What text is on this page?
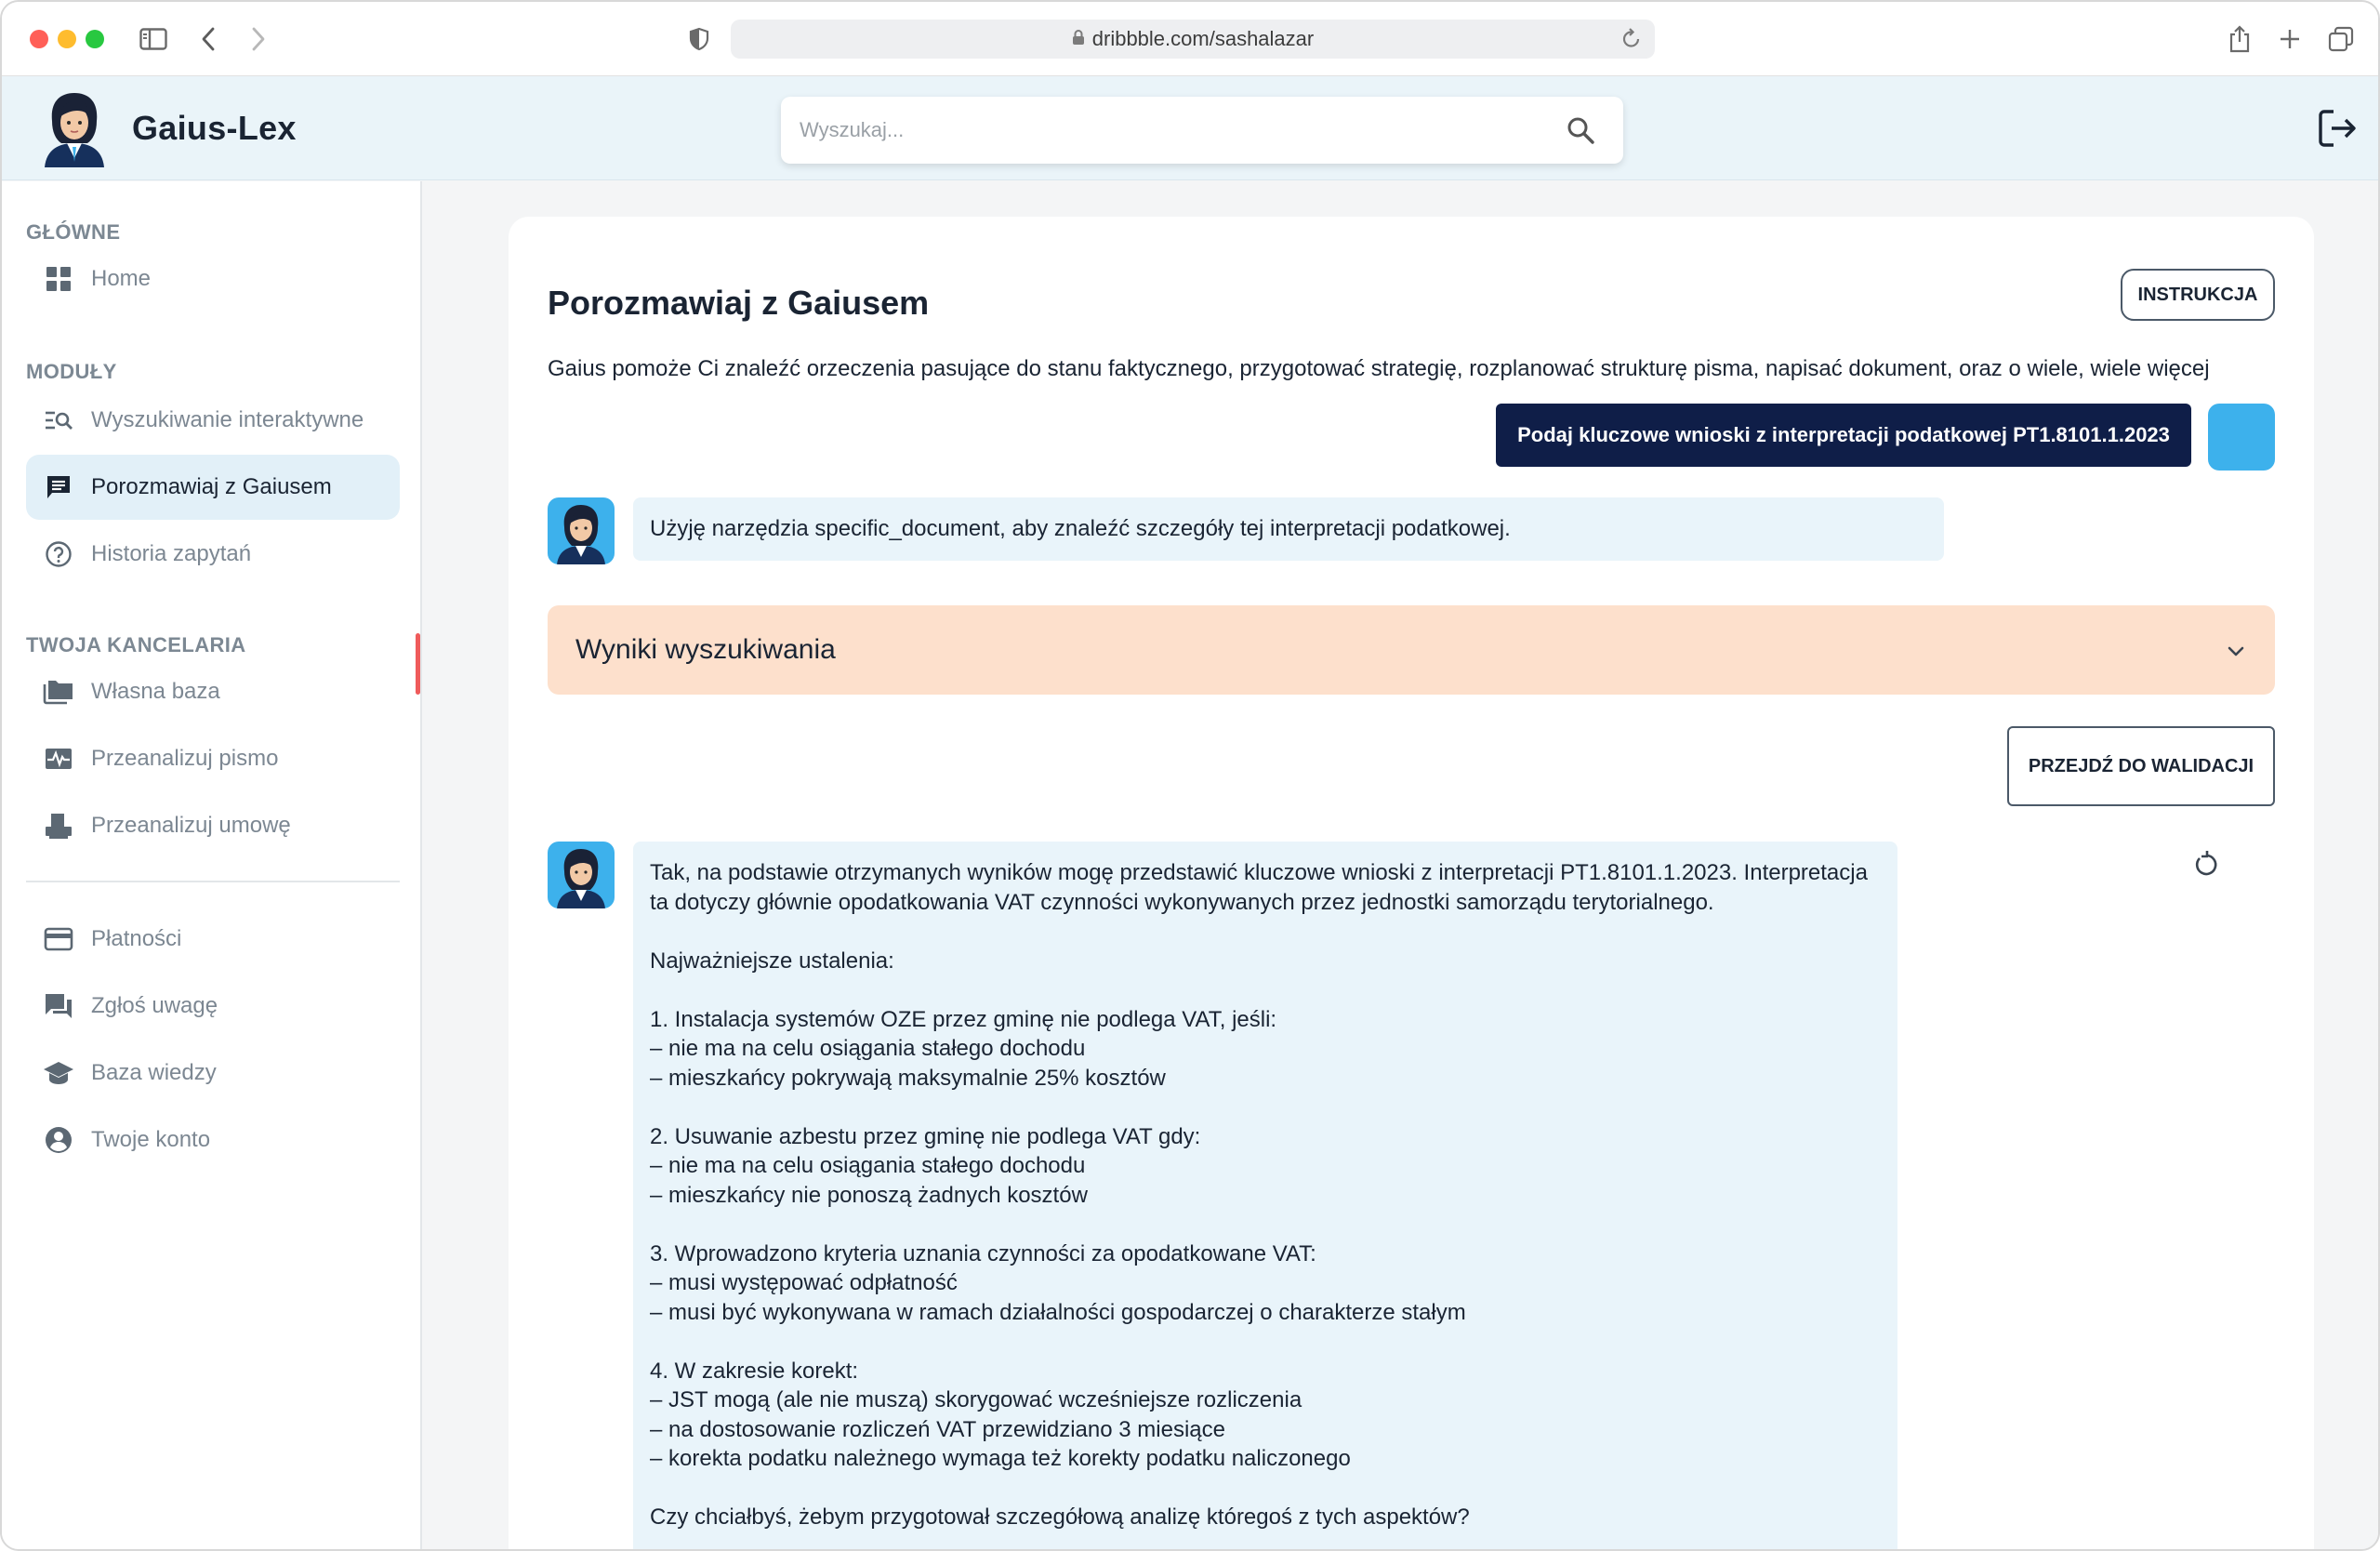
dribbble.com/sashalazar
Gaius-Lex
Wyszukaj...
GŁÓWNE
Home
MODUŁY
Wyszukiwanie interaktywne
Porozmawiaj z Gaiusem
Historia zapytań
TWOJA KANCELARIA
Własna baza
Przeanalizuj pismo
Przeanalizuj umowę
Płatności
Zgłoś uwagę
Baza wiedzy
Twoje konto
Porozmawiaj z Gaiusem	INSTRUKCJA

Gaius pomoże Ci znaleźć orzeczenia pasujące do stanu faktycznego, przygotować strategię, rozplanować strukturę pisma, napisać dokument, oraz o wiele, wiele więcej

Podaj kluczowe wnioski z interpretacji podatkowej PT1.8101.1.2023
Użyję narzędzia specific_document, aby znaleźć szczegóły tej interpretacji podatkowej.
Wyniki wyszukiwania
PRZEJDŹ DO WALIDACJI

Tak, na podstawie otrzymanych wyników mogę przedstawić kluczowe wnioski z interpretacji PT1.8101.1.2023. Interpretacja ta dotyczy głównie opodatkowania VAT czynności wykonywanych przez jednostki samorządu terytorialnego.

Najważniejsze ustalenia:

1. Instalacja systemów OZE przez gminę nie podlega VAT, jeśli:
– nie ma na celu osiągania stałego dochodu
– mieszkańcy pokrywają maksymalnie 25% kosztów

2. Usuwanie azbestu przez gminę nie podlega VAT gdy:
– nie ma na celu osiągania stałego dochodu
– mieszkańcy nie ponoszą żadnych kosztów

3. Wprowadzono kryteria uznania czynności za opodatkowane VAT:
– musi występować odpłatność
– musi być wykonywana w ramach działalności gospodarczej o charakterze stałym

4. W zakresie korekt:
– JST mogą (ale nie muszą) skorygować wcześniejsze rozliczenia
– na dostosowanie rozliczeń VAT przewidziano 3 miesiące
– korekta podatku należnego wymaga też korekty podatku naliczonego

Czy chciałbyś, żebym przygotował szczegółową analizę któregoś z tych aspektów?
